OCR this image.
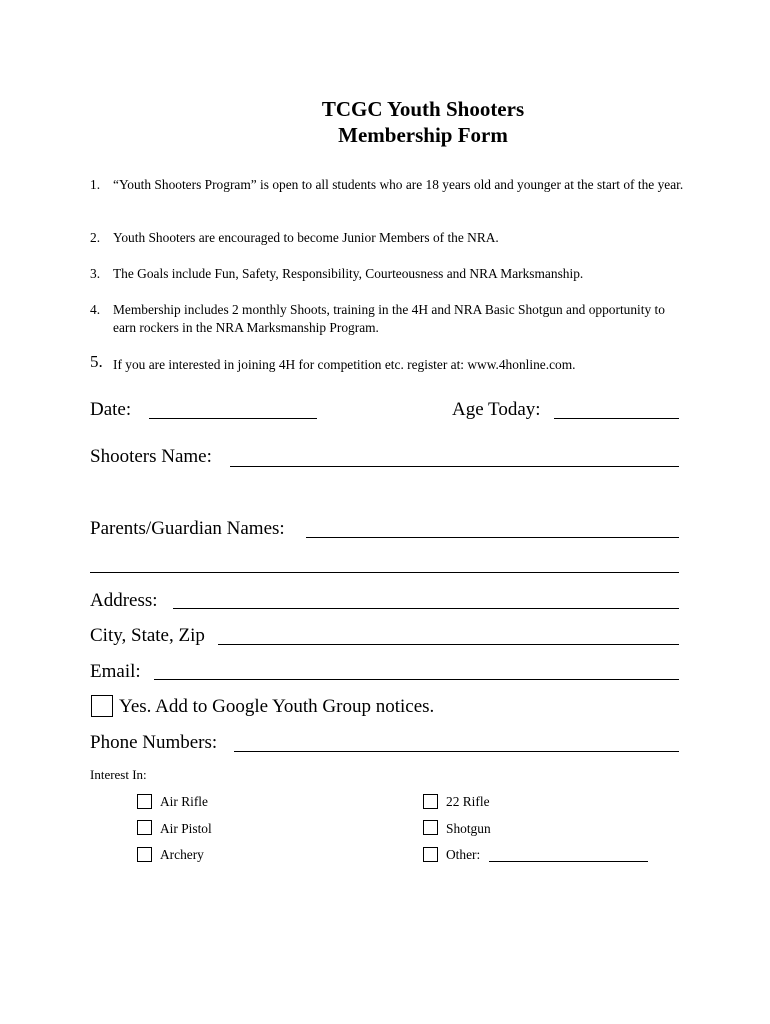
TCGC Youth Shooters
Membership Form
1. “Youth Shooters Program” is open to all students who are 18 years old and younger at the start of the year.
2. Youth Shooters are encouraged to become Junior Members of the NRA.
3. The Goals include Fun, Safety, Responsibility, Courteousness and NRA Marksmanship.
4. Membership includes 2 monthly Shoots, training in the 4H and NRA Basic Shotgun and opportunity to earn rockers in the NRA Marksmanship Program.
5. If you are interested in joining 4H for competition etc. register at: www.4honline.com.
Date:	Age Today:
Shooters Name:
Parents/Guardian Names:
Address:
City, State, Zip
Email:
Yes. Add to Google Youth Group notices.
Phone Numbers:
Interest In:
Air Rifle
Air Pistol
Archery
22 Rifle
Shotgun
Other:
